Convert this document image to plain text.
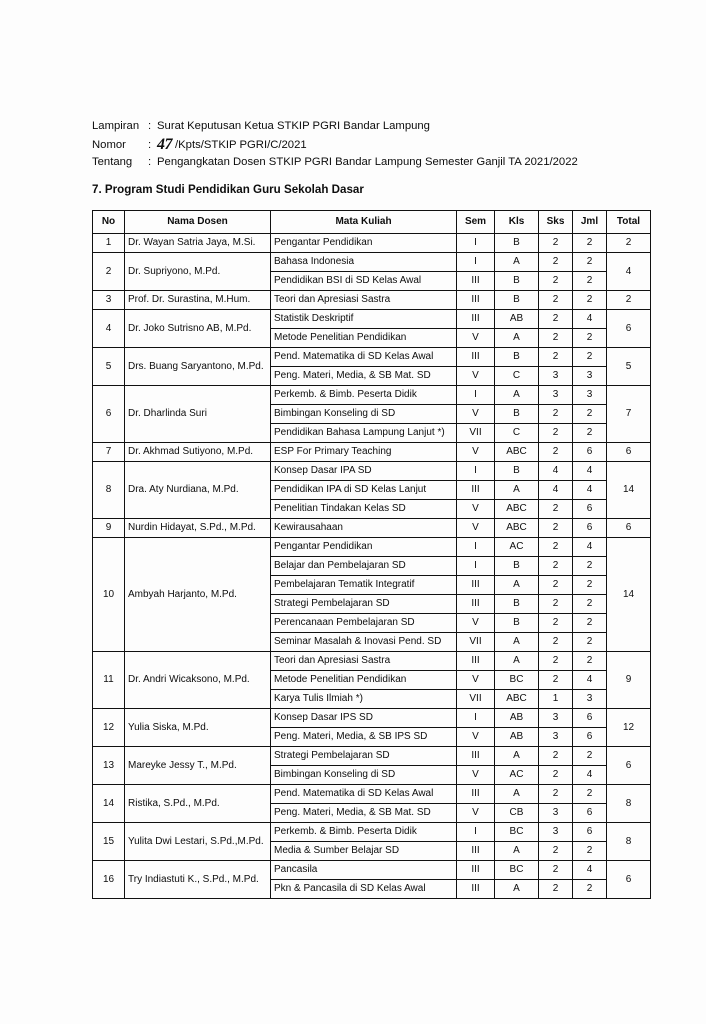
Lampiran : Surat Keputusan Ketua STKIP PGRI Bandar Lampung
Nomor	: 47 /Kpts/STKIP PGRI/C/2021
Tentang	: Pengangkatan Dosen STKIP PGRI Bandar Lampung Semester Ganjil TA 2021/2022
7. Program Studi Pendidikan Guru Sekolah Dasar
No	Nama Dosen	Mata Kuliah	Sem	Kls	Sks	Jml	Total
1	Dr. Wayan Satria Jaya, M.Si.	Pengantar Pendidikan	I	B	2	2	2
2	Dr. Supriyono, M.Pd.	Bahasa Indonesia	I	A	2	2	4
		Pendidikan BSI di SD Kelas Awal	III	B	2	2	
3	Prof. Dr. Surastina, M.Hum.	Teori dan Apresiasi Sastra	III	B	2	2	2
4	Dr. Joko Sutrisno AB, M.Pd.	Statistik Deskriptif	III	AB	2	4	6
		Metode Penelitian Pendidikan	V	A	2	2	
5	Drs. Buang Saryantono, M.Pd.	Pend. Matematika di SD Kelas Awal	III	B	2	2	5
		Peng. Materi, Media, & SB Mat. SD	V	C	3	3	
6	Dr. Dharlinda Suri	Perkemb. & Bimb. Peserta Didik	I	A	3	3	7
		Bimbingan Konseling di SD	V	B	2	2	
		Pendidikan Bahasa Lampung Lanjut *)	VII	C	2	2	
7	Dr. Akhmad Sutiyono, M.Pd.	ESP For Primary Teaching	V	ABC	2	6	6
8	Dra. Aty Nurdiana, M.Pd.	Konsep Dasar IPA SD	I	B	4	4	14
		Pendidikan IPA di SD Kelas Lanjut	III	A	4	4	
		Penelitian Tindakan Kelas SD	V	ABC	2	6	
9	Nurdin Hidayat, S.Pd., M.Pd.	Kewirausahaan	V	ABC	2	6	6
10	Ambyah Harjanto, M.Pd.	Pengantar Pendidikan	I	AC	2	4	14
		Belajar dan Pembelajaran SD	I	B	2	2	
		Pembelajaran Tematik Integratif	III	A	2	2	
		Strategi Pembelajaran SD	III	B	2	2	
		Perencanaan Pembelajaran SD	V	B	2	2	
		Seminar Masalah & Inovasi Pend. SD	VII	A	2	2	
11	Dr. Andri Wicaksono, M.Pd.	Teori dan Apresiasi Sastra	III	A	2	2	9
		Metode Penelitian Pendidikan	V	BC	2	4	
		Karya Tulis Ilmiah *)	VII	ABC	1	3	
12	Yulia Siska, M.Pd.	Konsep Dasar IPS SD	I	AB	3	6	12
		Peng. Materi, Media, & SB IPS SD	V	AB	3	6	
13	Mareyke Jessy T., M.Pd.	Strategi Pembelajaran SD	III	A	2	2	6
		Bimbingan Konseling di SD	V	AC	2	4	
14	Ristika, S.Pd., M.Pd.	Pend. Matematika di SD Kelas Awal	III	A	2	2	8
		Peng. Materi, Media, & SB Mat. SD	V	CB	3	6	
15	Yulita Dwi Lestari, S.Pd.,M.Pd.	Perkemb. & Bimb. Peserta Didik	I	BC	3	6	8
		Media & Sumber Belajar SD	III	A	2	2	
16	Try Indiastuti K., S.Pd., M.Pd.	Pancasila	III	BC	2	4	6
		Pkn & Pancasila di SD Kelas Awal	III	A	2	2	
